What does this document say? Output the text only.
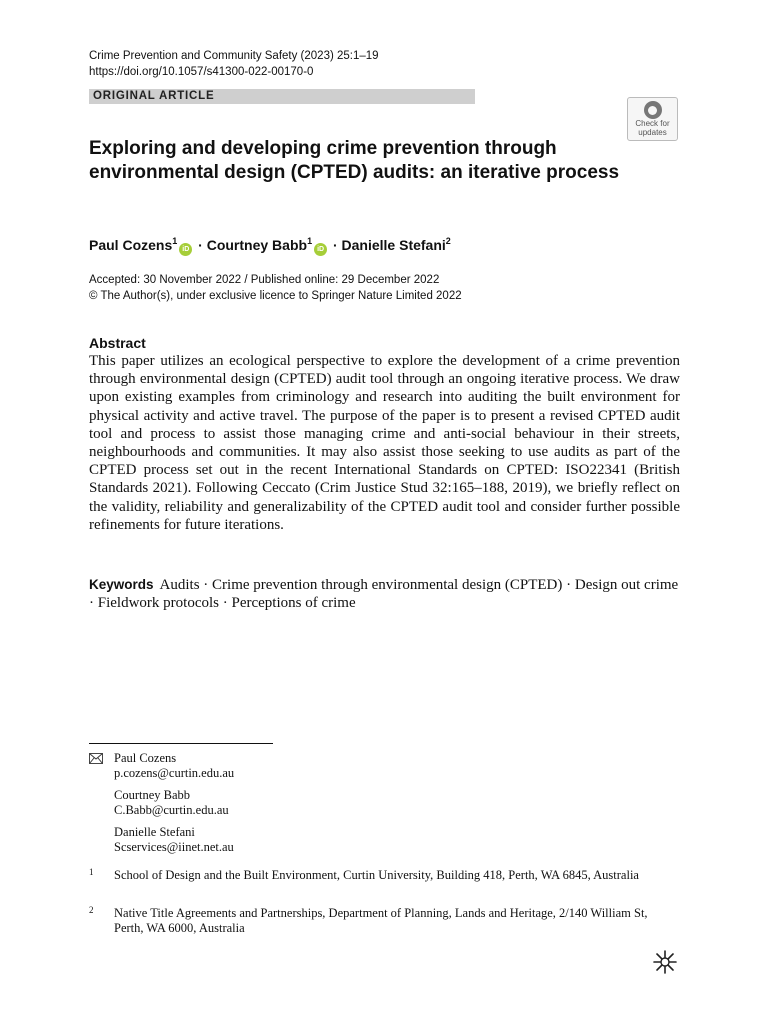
Crime Prevention and Community Safety (2023) 25:1–19
https://doi.org/10.1057/s41300-022-00170-0
ORIGINAL ARTICLE
Check for
updates
Exploring and developing crime prevention through environmental design (CPTED) audits: an iterative process
Paul Cozens$^1$iD · Courtney Babb$^1$iD · Danielle Stefani$^2$
Accepted: 30 November 2022 / Published online: 29 December 2022
© The Author(s), under exclusive licence to Springer Nature Limited 2022
Abstract
This paper utilizes an ecological perspective to explore the development of a crime prevention through environmental design (CPTED) audit tool through an ongoing iterative process. We draw upon existing examples from criminology and research into auditing the built environment for physical activity and active travel. The purpose of the paper is to present a revised CPTED audit tool and process to assist those managing crime and anti-social behaviour in their streets, neighbourhoods and communities. It may also assist those seeking to use audits as part of the CPTED process set out in the recent International Standards on CPTED: ISO22341 (British Standards 2021). Following Ceccato (Crim Justice Stud 32:165–188, 2019), we briefly reflect on the validity, reliability and generalizability of the CPTED audit tool and consider further possible refinements for future iterations.
Keywords Audits · Crime prevention through environmental design (CPTED) · Design out crime · Fieldwork protocols · Perceptions of crime
Paul Cozens
p.cozens@curtin.edu.au
Courtney Babb
C.Babb@curtin.edu.au
Danielle Stefani
Scservices@iinet.net.au
1 School of Design and the Built Environment, Curtin University, Building 418, Perth, WA 6845, Australia
2 Native Title Agreements and Partnerships, Department of Planning, Lands and Heritage, 2/140 William St, Perth, WA 6000, Australia
